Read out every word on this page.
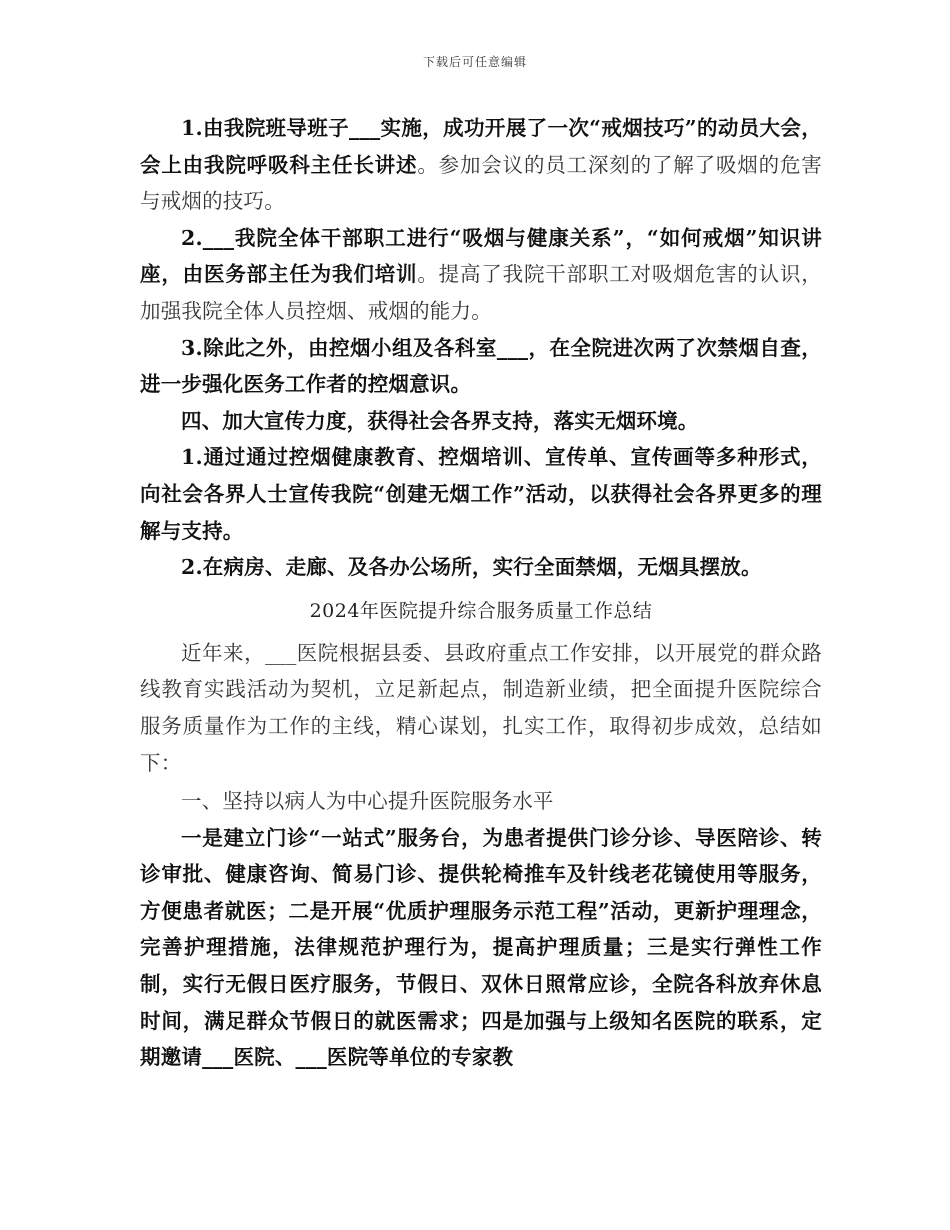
下载后可任意编辑

1.由我院班导班子___实施，成功开展了一次“戒烟技巧”的动员大会，会上由我院呼吸科主任长讲述。参加会议的员工深刻的了解了吸烟的危害与戒烟的技巧。

2.___我院全体干部职工进行“吸烟与健康关系”，“如何戒烟”知识讲座，由医务部主任为我们培训。提高了我院干部职工对吸烟危害的认识，加强我院全体人员控烟、戒烟的能力。

3.除此之外，由控烟小组及各科室___，在全院进次两了次禁烟自查，进一步强化医务工作者的控烟意识。

四、加大宣传力度，获得社会各界支持，落实无烟环境。

1.通过通过控烟健康教育、控烟培训、宣传单、宣传画等多种形式，向社会各界人士宣传我院“创建无烟工作”活动，以获得社会各界更多的理解与支持。

2.在病房、走廊、及各办公场所，实行全面禁烟，无烟具摆放。

2024年医院提升综合服务质量工作总结

近年来，___医院根据县委、县政府重点工作安排，以开展党的群众路线教育实践活动为契机，立足新起点，制造新业绩，把全面提升医院综合服务质量作为工作的主线，精心谋划，扎实工作，取得初步成效，总结如下：

一、坚持以病人为中心提升医院服务水平

一是建立门诊“一站式”服务台，为患者提供门诊分诊、导医陪诊、转诊审批、健康咨询、简易门诊、提供轮椅推车及针线老花镜使用等服务，方便患者就医；二是开展“优质护理服务示范工程”活动，更新护理理念，完善护理措施，法律规范护理行为，提高护理质量；三是实行弹性工作制，实行无假日医疗服务，节假日、双休日照常应诊，全院各科放弃休息时间，满足群众节假日的就医需求；四是加强与上级知名医院的联系，定期邀请___医院、___医院等单位的专家教
